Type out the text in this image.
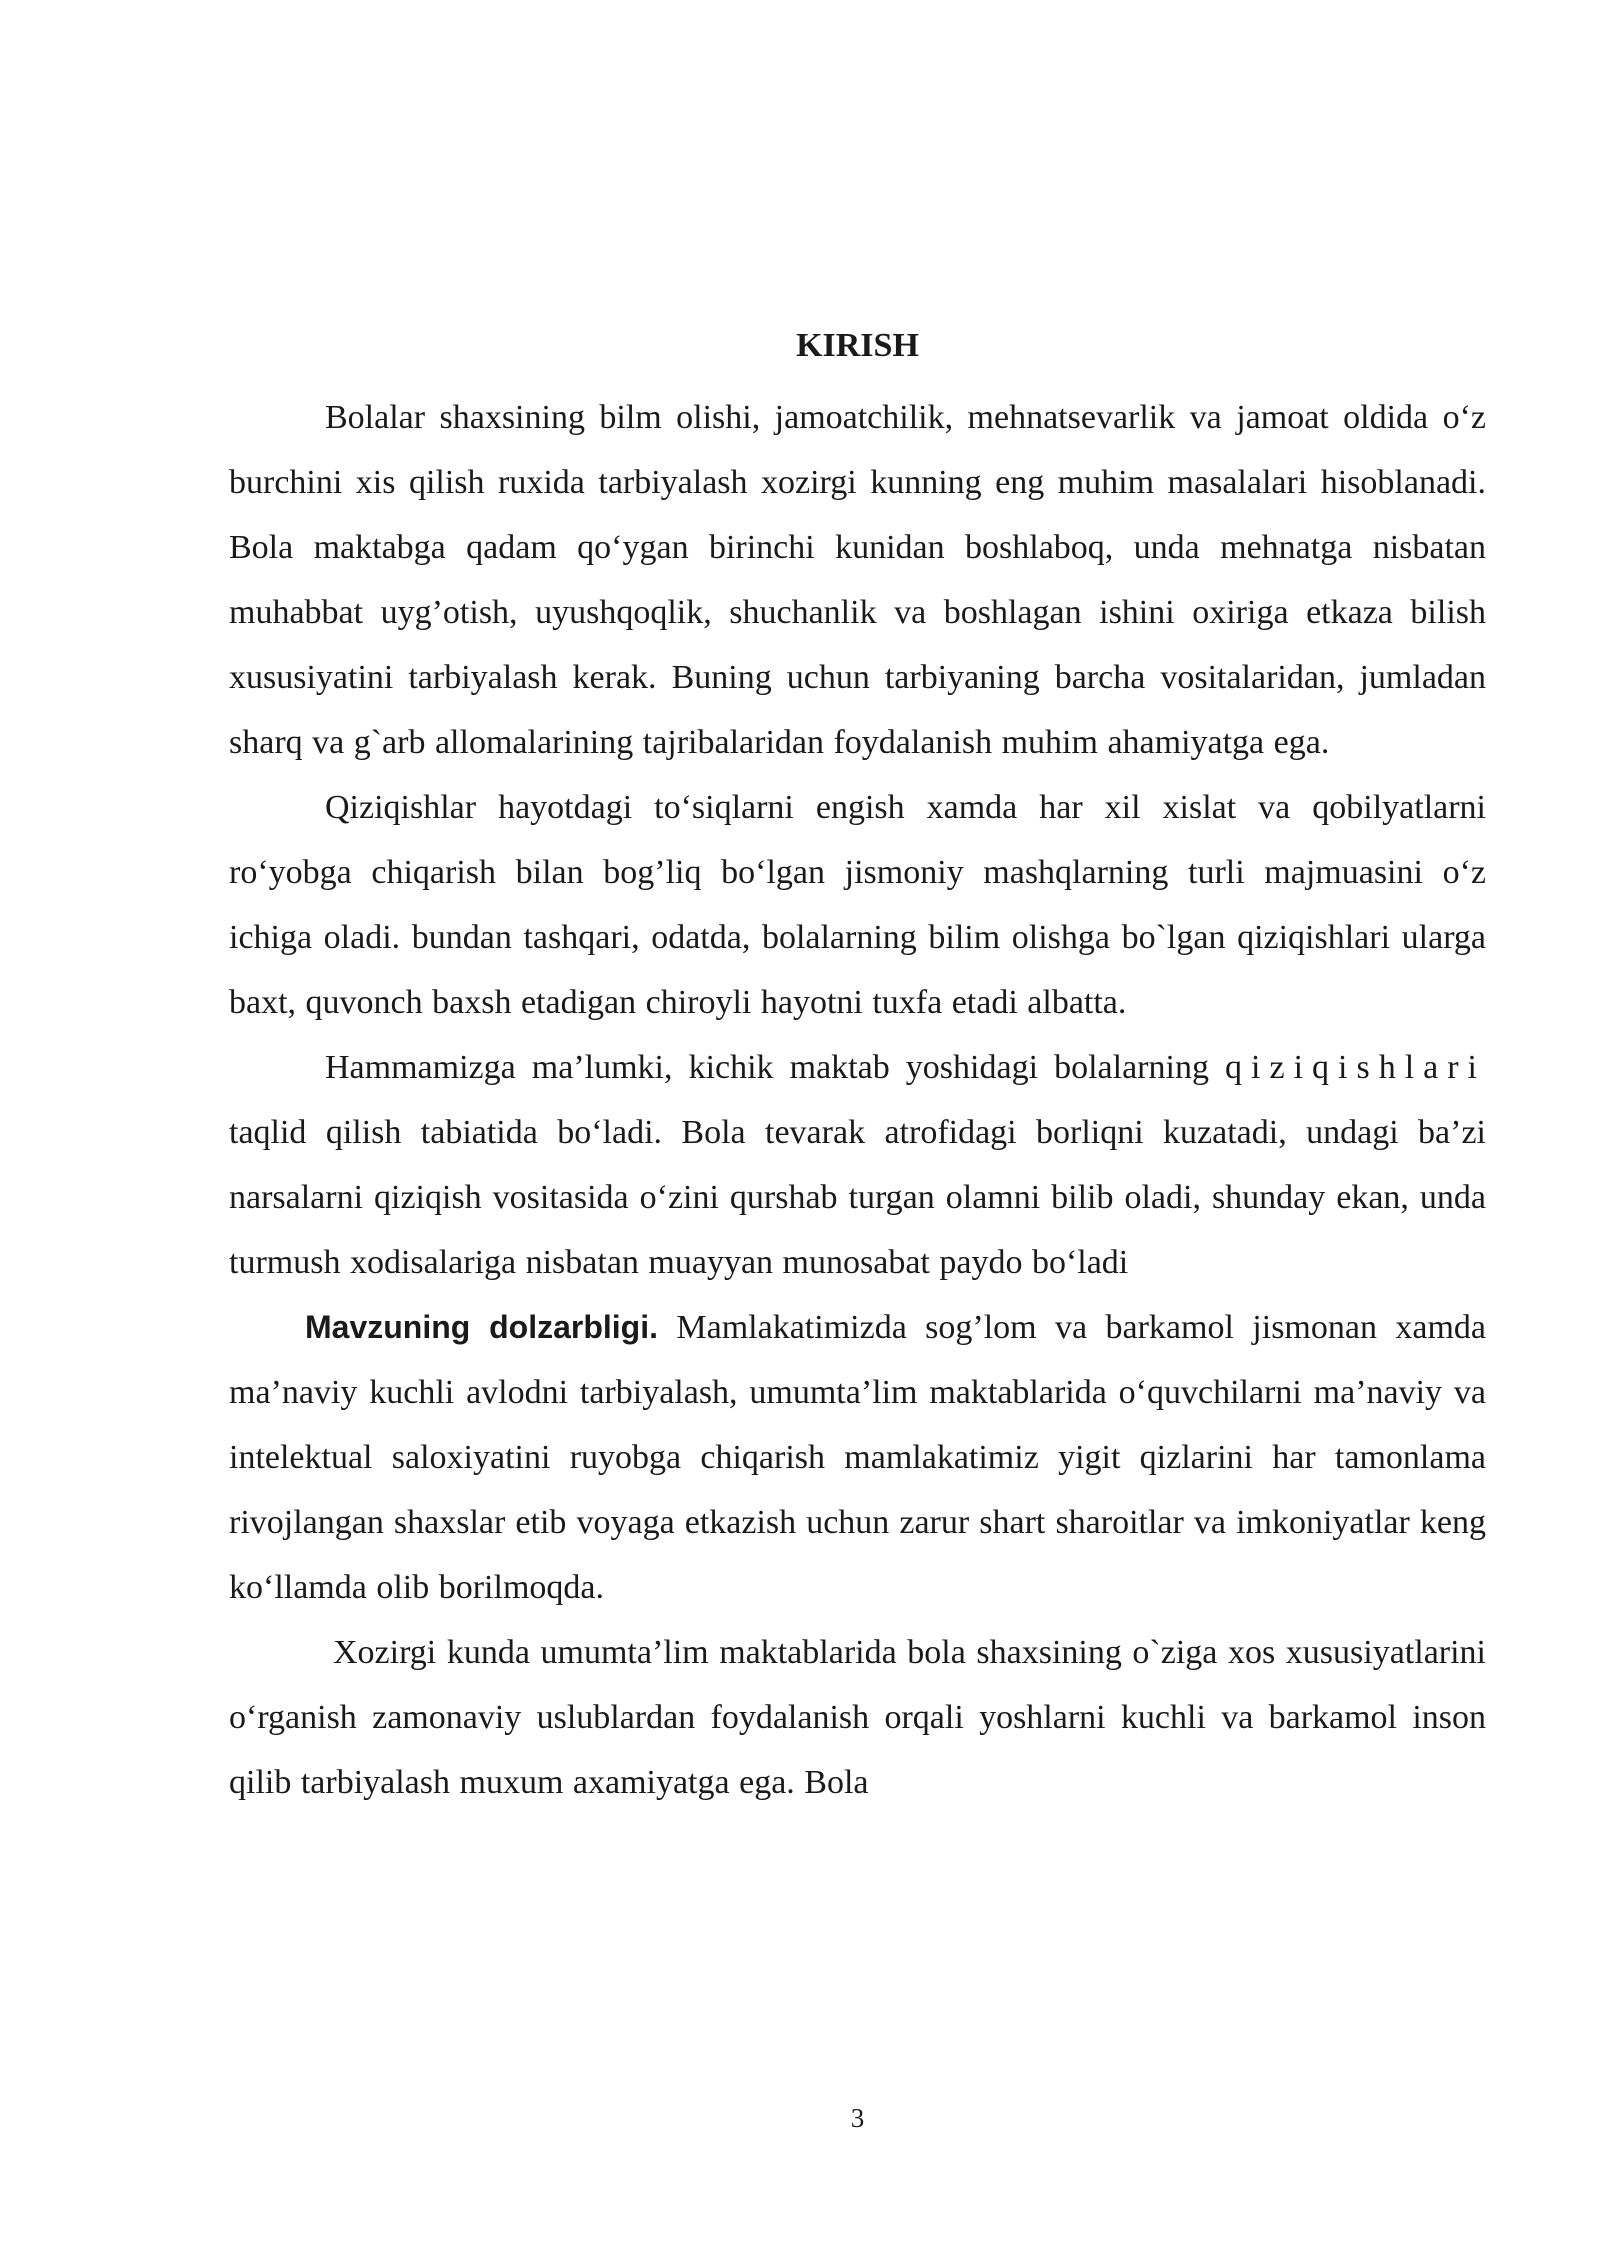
KIRISH

Bolalar shaxsining bilm olishi, jamoatchilik, mehnatsevarlik va jamoat oldida o‘z burchini xis qilish ruxida tarbiyalash xozirgi kunning eng muhim masalalari hisoblanadi. Bola maktabga qadam qo‘ygan birinchi kunidan boshlaboq, unda mehnatga nisbatan muhabbat uyg’otish, uyushqoqlik, shuchanlik va boshlagan ishini oxiriga etkaza bilish xususiyatini tarbiyalash kerak. Buning uchun tarbiyaning barcha vositalaridan, jumladan sharq va g`arb allomalarining tajribalaridan foydalanish muhim ahamiyatga ega.

Qiziqishlar hayotdagi to‘siqlarni engish xamda har xil xislat va qobilyatlarni ro‘yobga chiqarish bilan bog’liq bo‘lgan jismoniy mashqlarning turli majmuasini o‘z ichiga oladi. bundan tashqari, odatda, bolalarning bilim olishga bo`lgan qiziqishlari ularga baxt, quvonch baxsh etadigan chiroyli hayotni tuxfa etadi albatta.

Hammamizga ma’lumki, kichik maktab yoshidagi bolalarning qiziqishlari taqlid qilish tabiatida bo‘ladi. Bola tevarak atrofidagi borliqni kuzatadi, undagi ba’zi narsalarni qiziqish vositasida o‘zini qurshab turgan olamni bilib oladi, shunday ekan, unda turmush xodisalariga nisbatan muayyan munosabat paydo bo‘ladi

Mavzuning dolzarbligi. Mamlakatimizda sog’lom va barkamol jismonan xamda ma’naviy kuchli avlodni tarbiyalash, umumta’lim maktablarida o‘quvchilarni ma’naviy va intelektual saloxiyatini ruyobga chiqarish mamlakatimiz yigit qizlarini har tamonlama rivojlangan shaxslar etib voyaga etkazish uchun zarur shart sharoitlar va imkoniyatlar keng ko‘llamda olib borilmoqda.

Xozirgi kunda umumta’lim maktablarida bola shaxsining o`ziga xos xususiyatlarini o‘rganish zamonaviy uslublardan foydalanish orqali yoshlarni kuchli va barkamol inson qilib tarbiyalash muxum axamiyatga ega. Bola

3
